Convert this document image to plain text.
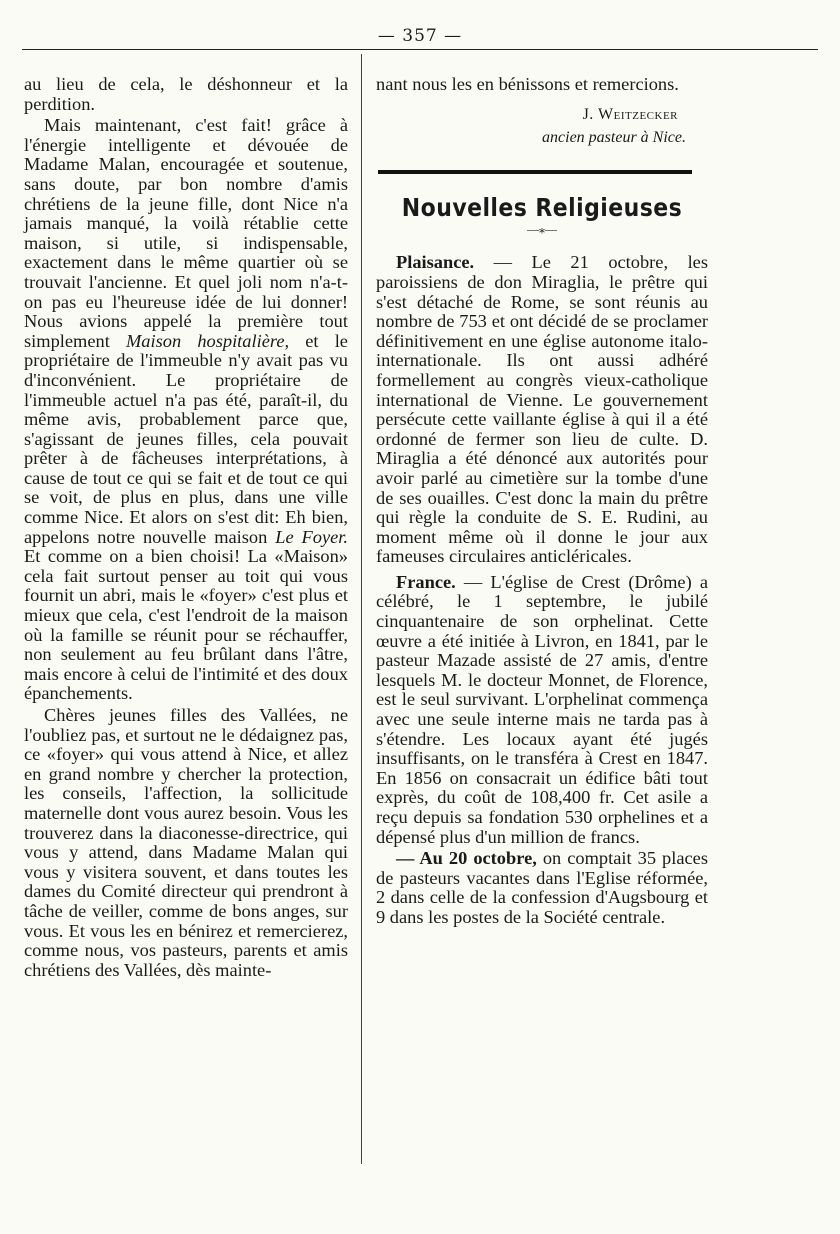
— 357 —

au lieu de cela, le déshonneur et la perdition.

Mais maintenant, c'est fait! grâce à l'énergie intelligente et dévouée de Madame Malan, encouragée et soutenue, sans doute, par bon nombre d'amis chrétiens de la jeune fille, dont Nice n'a jamais manqué, la voilà rétablie cette maison, si utile, si indispensable, exactement dans le même quartier où se trouvait l'ancienne. Et quel joli nom n'a-t-on pas eu l'heureuse idée de lui donner! Nous avions appelé la première tout simplement Maison hospitalière, et le propriétaire de l'immeuble n'y avait pas vu d'inconvénient. Le propriétaire de l'immeuble actuel n'a pas été, paraît-il, du même avis, probablement parce que, s'agissant de jeunes filles, cela pouvait prêter à de fâcheuses interprétations, à cause de tout ce qui se fait et de tout ce qui se voit, de plus en plus, dans une ville comme Nice. Et alors on s'est dit: Eh bien, appelons notre nouvelle maison Le Foyer. Et comme on a bien choisi! La «Maison» cela fait surtout penser au toit qui vous fournit un abri, mais le «foyer» c'est plus et mieux que cela, c'est l'endroit de la maison où la famille se réunit pour se réchauffer, non seulement au feu brûlant dans l'âtre, mais encore à celui de l'intimité et des doux épanchements.

Chères jeunes filles des Vallées, ne l'oubliez pas, et surtout ne le dédaignez pas, ce «foyer» qui vous attend à Nice, et allez en grand nombre y chercher la protection, les conseils, l'affection, la sollicitude maternelle dont vous aurez besoin. Vous les trouverez dans la diaconesse-directrice, qui vous y attend, dans Madame Malan qui vous y visitera souvent, et dans toutes les dames du Comité directeur qui prendront à tâche de veiller, comme de bons anges, sur vous. Et vous les en bénirez et remercierez, comme nous, vos pasteurs, parents et amis chrétiens des Vallées, dès mainte-

nant nous les en bénissons et remercions.

J. Weitzecker
ancien pasteur à Nice.
Nouvelles Religieuses
—⁎—

Plaisance. — Le 21 octobre, les paroissiens de don Miraglia, le prêtre qui s'est détaché de Rome, se sont réunis au nombre de 753 et ont décidé de se proclamer définitivement en une église autonome italo-internationale. Ils ont aussi adhéré formellement au congrès vieux-catholique international de Vienne. Le gouvernement persécute cette vaillante église à qui il a été ordonné de fermer son lieu de culte. D. Miraglia a été dénoncé aux autorités pour avoir parlé au cimetière sur la tombe d'une de ses ouailles. C'est donc la main du prêtre qui règle la conduite de S. E. Rudini, au moment même où il donne le jour aux fameuses circulaires anticléricales.

France. — L'église de Crest (Drôme) a célébré, le 1 septembre, le jubilé cinquantenaire de son orphelinat. Cette œuvre a été initiée à Livron, en 1841, par le pasteur Mazade assisté de 27 amis, d'entre lesquels M. le docteur Monnet, de Florence, est le seul survivant. L'orphelinat commença avec une seule interne mais ne tarda pas à s'étendre. Les locaux ayant été jugés insuffisants, on le transféra à Crest en 1847. En 1856 on consacrait un édifice bâti tout exprès, du coût de 108,400 fr. Cet asile a reçu depuis sa fondation 530 orphelines et a dépensé plus d'un million de francs.

— Au 20 octobre, on comptait 35 places de pasteurs vacantes dans l'Eglise réformée, 2 dans celle de la confession d'Augsbourg et 9 dans les postes de la Société centrale.
